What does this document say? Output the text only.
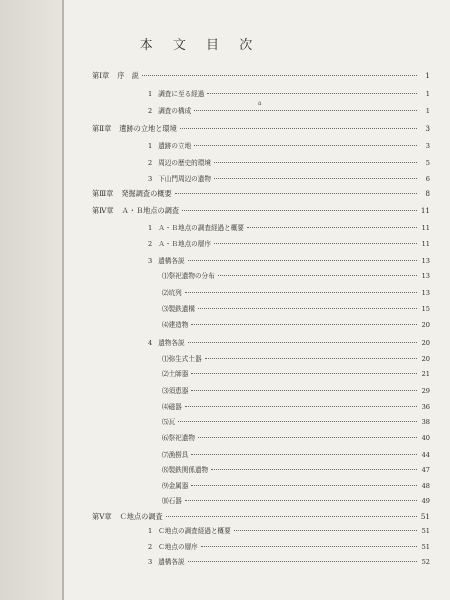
本 文 目 次
a
第Ⅰ章 序　説	1
1 調査に至る経過	1
2 調査の構成	1
第Ⅱ章 遺跡の立地と環境	3
1 遺跡の立地	3
2 周辺の歴史的環境	5
3 下山門周辺の遺物	6
第Ⅲ章 発掘調査の概要	8
第Ⅳ章 Ａ・Ｂ地点の調査	11
1 Ａ・Ｂ地点の調査経過と概要	11
2 Ａ・Ｂ地点の層序	11
3 遺構各説	13
⑴祭祀遺物の分布	13
⑵坑列	13
⑶製鉄遺構	15
⑷建造物	20
4 遺物各説	20
⑴弥生式土器	20
⑵土師器	21
⑶須恵器	29
⑷磁器	36
⑸瓦	38
⑹祭祀遺物	40
⑺漁撈具	44
⑻製鉄関係遺物	47
⑼金属器	48
⑽石器	49
第Ⅴ章 Ｃ地点の調査	51
1 Ｃ地点の調査経過と概要	51
2 Ｃ地点の層序	51
3 遺構各説	52
